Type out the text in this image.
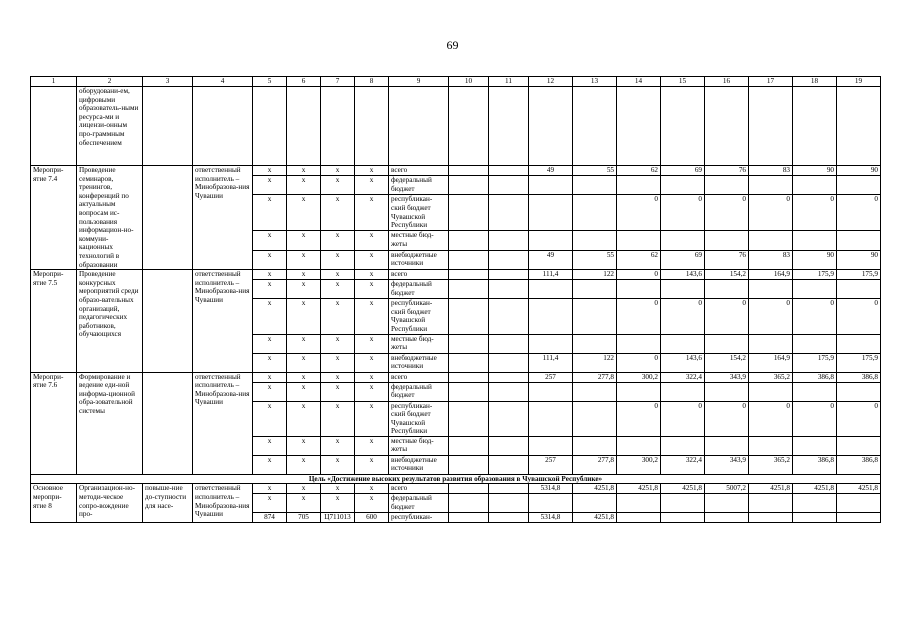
69
1	2	3	4	5	6	7	8	9	10	11	12	13	14	15	16	17	18	19
	оборудовани-ем, цифровыми образователь-ными ресурса-ми и лицензи-онным про-граммным обеспечением																	
Меропри-ятие 7.4	Проведение семинаров, тренингов, конференций по актуальным вопросам ис-пользования информацион-но-коммуни-кационных технологий в образовании		ответственный исполнитель – Минобразова-ния Чувашии	x	x	x	x	всего			49	55	62	69	76	83	90	90
				x	x	x	x	федеральный бюджет										
				x	x	x	x	республикан-ский бюджет Чувашской Республики					0	0	0	0	0	0
				x	x	x	x	местные бюд-жеты										
				x	x	x	x	внебюджетные источники			49	55	62	69	76	83	90	90
Меропри-ятие 7.5	Проведение конкурсных мероприятий среди образо-вательных организаций, педагогических работников, обучающихся		ответственный исполнитель – Минобразова-ния Чувашии	x	x	x	x	всего			111,4	122	0	143,6	154,2	164,9	175,9	175,9
				x	x	x	x	федеральный бюджет										
				x	x	x	x	республикан-ский бюджет Чувашской Республики					0	0	0	0	0	0
				x	x	x	x	местные бюд-жеты										
				x	x	x	x	внебюджетные источники			111,4	122	0	143,6	154,2	164,9	175,9	175,9
Меропри-ятие 7.6	Формирование и ведение еди-ной информа-ционной обра-зовательной системы		ответственный исполнитель – Минобразова-ния Чувашии	x	x	x	x	всего			257	277,8	300,2	322,4	343,9	365,2	386,8	386,8
				x	x	x	x	федеральный бюджет										
				x	x	x	x	республикан-ский бюджет Чувашской Республики					0	0	0	0	0	0
				x	x	x	x	местные бюд-жеты										
				x	x	x	x	внебюджетные источники			257	277,8	300,2	322,4	343,9	365,2	386,8	386,8
Цель «Достижение высоких результатов развития образования в Чувашской Республике»																		
Основное меропри-ятие 8	Организацион-но-методи-ческое сопро-вождение про-	повыше-ние до-ступности для насе-	ответственный исполнитель – Минобразова-ния Чувашии	x	x	x	x	всего			5314,8	4251,8	4251,8	4251,8	5007,2	4251,8	4251,8	4251,8
				x	x	x	x	федеральный бюджет										
				874	705	Ц711013	600	республикан-			5314,8	4251,8						
